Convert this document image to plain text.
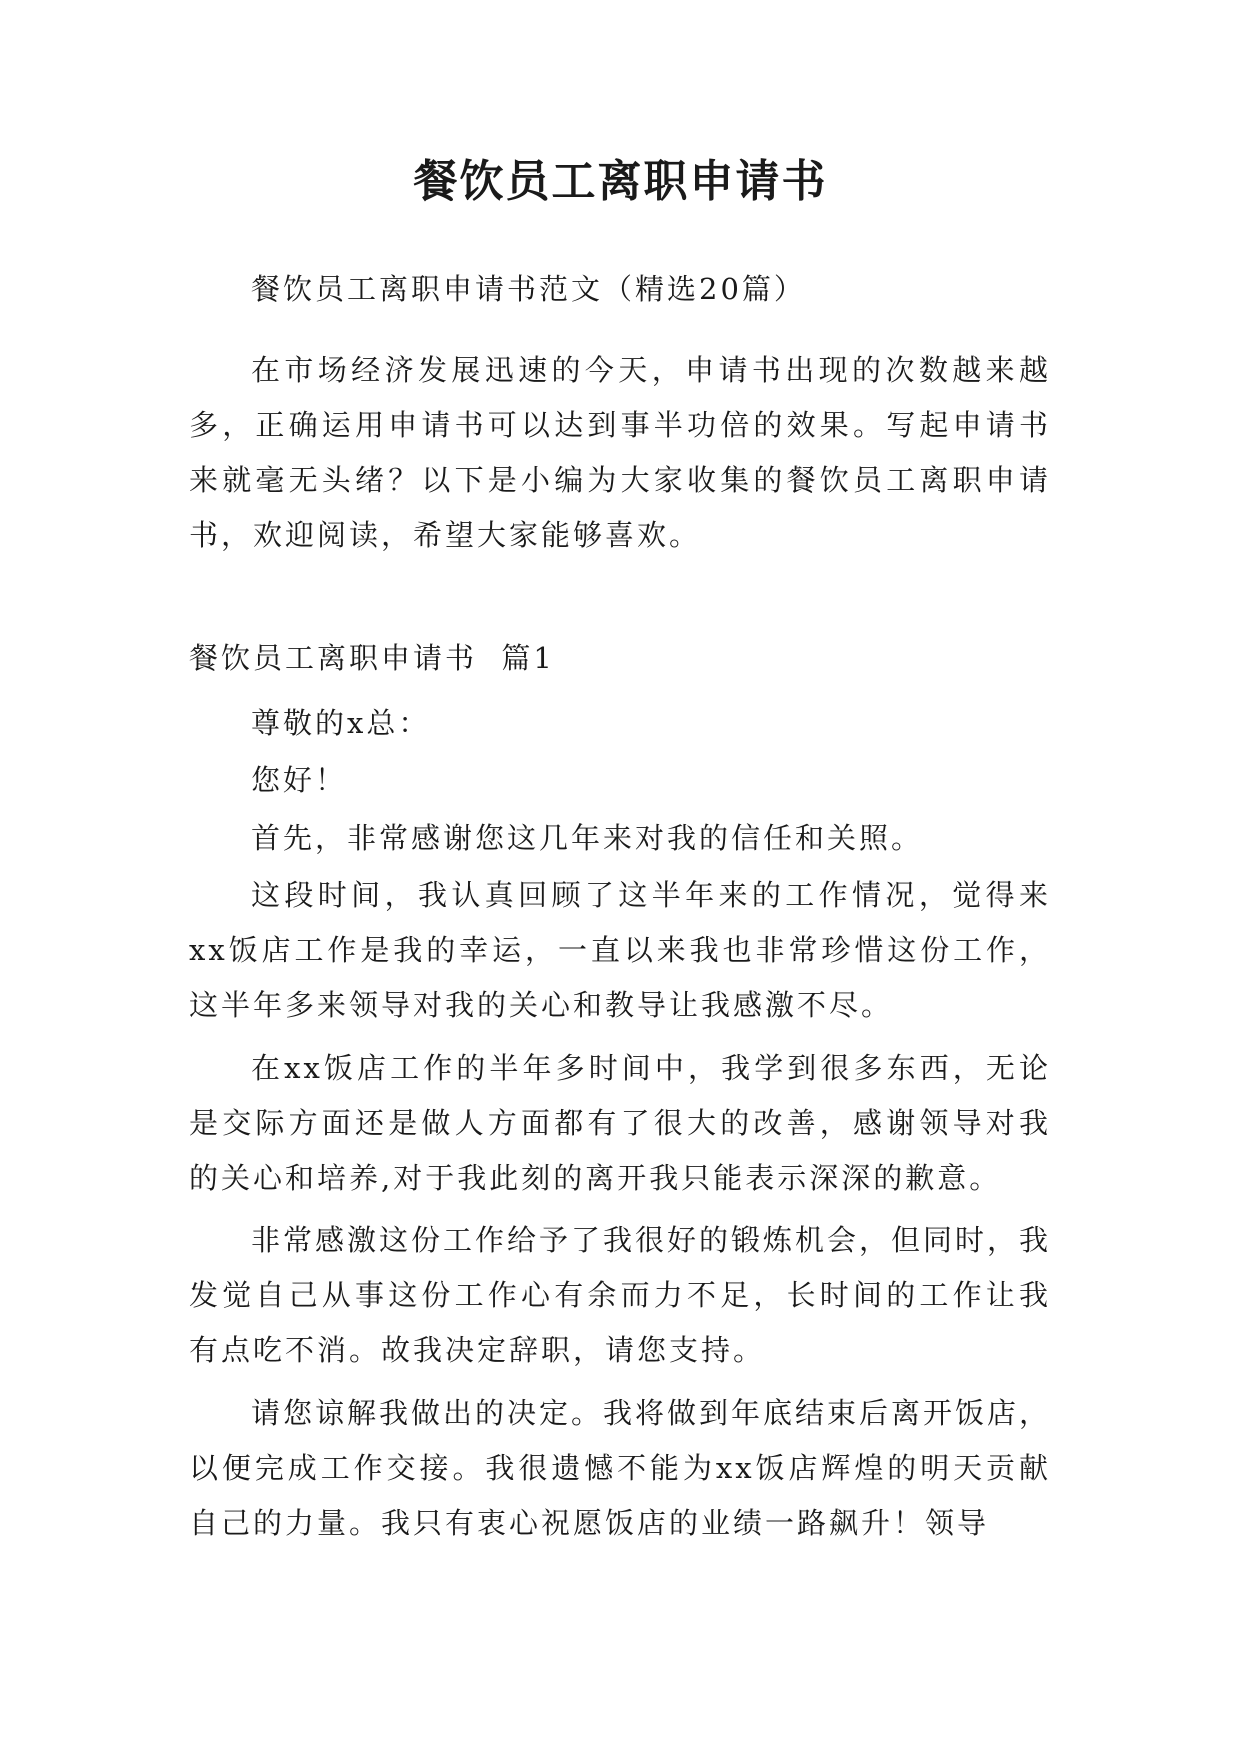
餐饮员工离职申请书

餐饮员工离职申请书范文（精选20篇）

在市场经济发展迅速的今天，申请书出现的次数越来越多，正确运用申请书可以达到事半功倍的效果。写起申请书来就毫无头绪？以下是小编为大家收集的餐饮员工离职申请书，欢迎阅读，希望大家能够喜欢。

餐饮员工离职申请书  篇1

尊敬的x总：

您好！

首先，非常感谢您这几年来对我的信任和关照。

这段时间，我认真回顾了这半年来的工作情况，觉得来xx饭店工作是我的幸运，一直以来我也非常珍惜这份工作，这半年多来领导对我的关心和教导让我感激不尽。

在xx饭店工作的半年多时间中，我学到很多东西，无论是交际方面还是做人方面都有了很大的改善，感谢领导对我的关心和培养,对于我此刻的离开我只能表示深深的歉意。

非常感激这份工作给予了我很好的锻炼机会，但同时，我发觉自己从事这份工作心有余而力不足，长时间的工作让我有点吃不消。故我决定辞职，请您支持。

请您谅解我做出的决定。我将做到年底结束后离开饭店，以便完成工作交接。我很遗憾不能为xx饭店辉煌的明天贡献自己的力量。我只有衷心祝愿饭店的业绩一路飙升！领导
